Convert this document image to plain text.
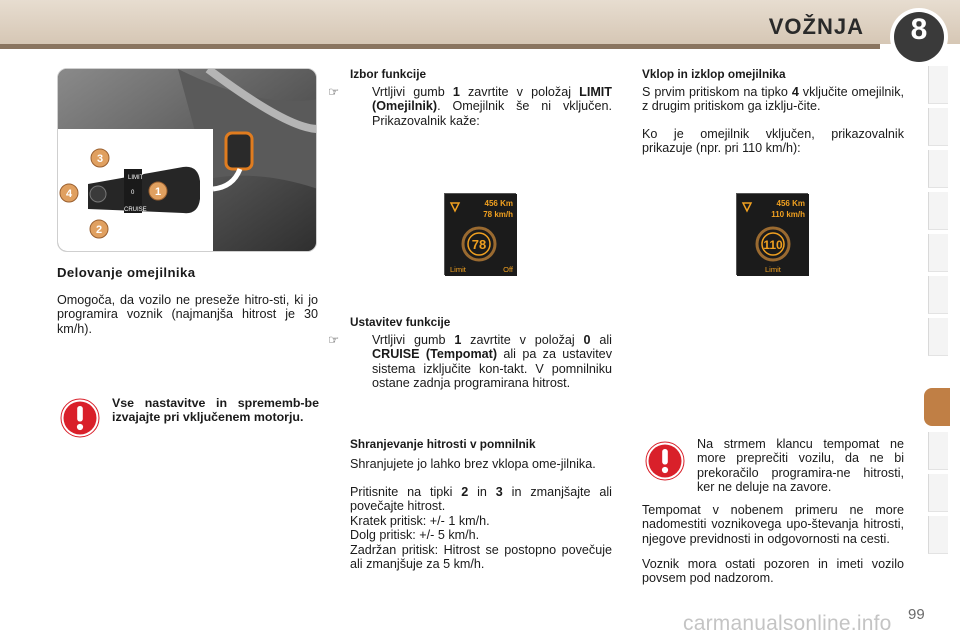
VOŽNJA	8
LIMIT
0
CRUISE
3
4	1
2
Delovanje omejilnika
Omogoča, da vozilo ne preseže hitro-sti, ki jo programira voznik (najmanjša hitrost je 30 km/h).
Vse nastavitve in sprememb-be izvajajte pri vključenem motorju.
Izbor funkcije
☞	Vrtljivi gumb 1 zavrtite v položaj LIMIT (Omejilnik). Omejilnik še ni vključen. Prikazovalnik kaže:
456 Km
78 km/h
78
Limit	Off
Ustavitev funkcije
☞	Vrtljivi gumb 1 zavrtite v položaj 0 ali CRUISE (Tempomat) ali pa za ustavitev sistema izključite kon-takt. V pomnilniku ostane zadnja programirana hitrost.
Shranjevanje hitrosti v pomnilnik
Shranjujete jo lahko brez vklopa ome-jilnika.
Pritisnite na tipki 2 in 3 in zmanjšajte ali povečajte hitrost.
Kratek pritisk: +/- 1 km/h.
Dolg pritisk: +/- 5 km/h.
Zadržan pritisk: Hitrost se postopno povečuje ali zmanjšuje za 5 km/h.
Vklop in izklop omejilnika
S prvim pritiskom na tipko 4 vključite omejilnik, z drugim pritiskom ga izklju-čite.
Ko je omejilnik vključen, prikazovalnik prikazuje (npr. pri 110 km/h):
456 Km
110 km/h
110
Limit
Na strmem klancu tempomat ne more preprečiti vozilu, da ne bi prekoračilo programira-ne hitrosti, ker ne deluje na zavore.
Tempomat v nobenem primeru ne more nadomestiti voznikovega upo-števanja hitrosti, njegove previdnosti in odgovornosti na cesti.
Voznik mora ostati pozoren in imeti vozilo povsem pod nadzorom.
carmanualsonline.info 99
